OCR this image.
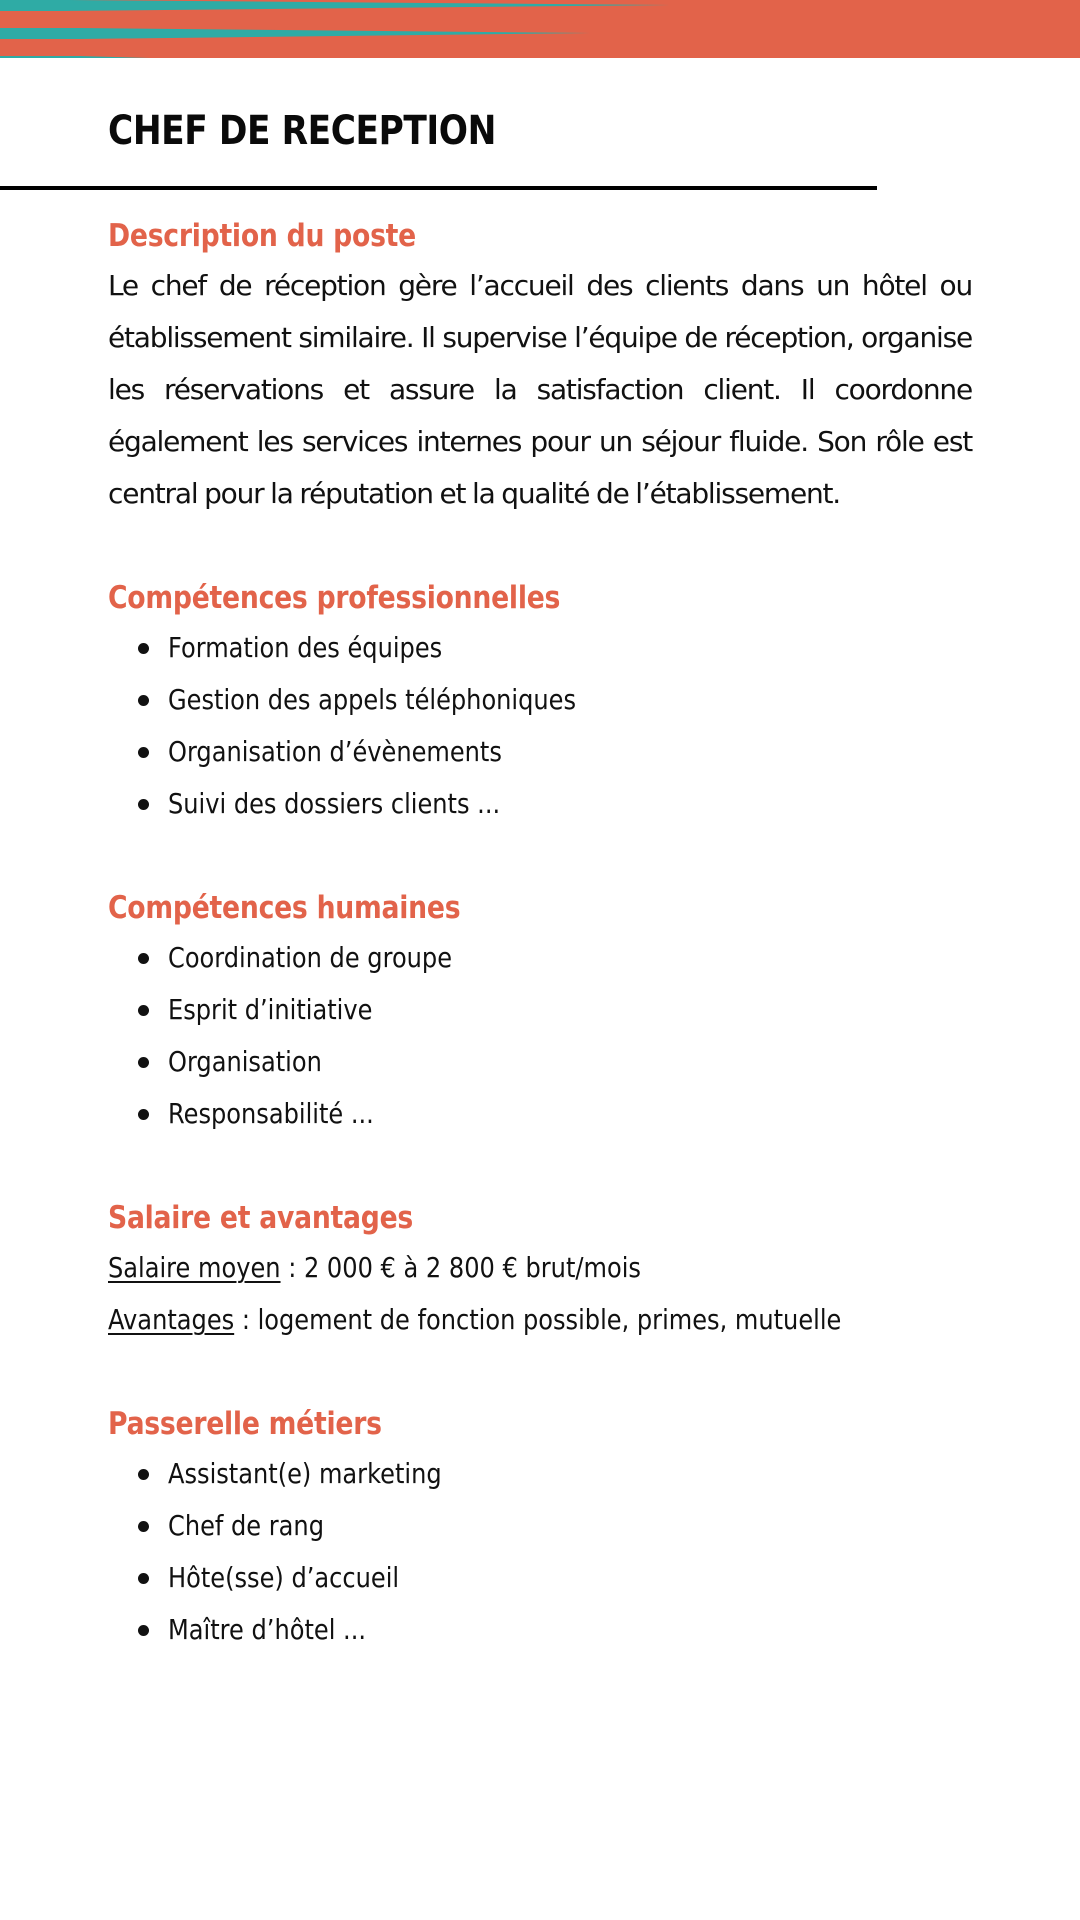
CHEF DE RECEPTION
Description du poste

Le chef de réception gère l’accueil des clients dans un hôtel ou établissement similaire. Il supervise l’équipe de réception, organise les réservations et assure la satisfaction client. Il coordonne également les services internes pour un séjour fluide. Son rôle est central pour la réputation et la qualité de l’établissement.

Compétences professionnelles
Formation des équipes
Gestion des appels téléphoniques
Organisation d’évènements
Suivi des dossiers clients ...
Compétences humaines
Coordination de groupe
Esprit d’initiative
Organisation
Responsabilité ...
Salaire et avantages
Salaire moyen : 2 000 € à 2 800 € brut/mois
Avantages : logement de fonction possible, primes, mutuelle
Passerelle métiers
Assistant(e) marketing
Chef de rang
Hôte(sse) d’accueil
Maître d’hôtel ...
